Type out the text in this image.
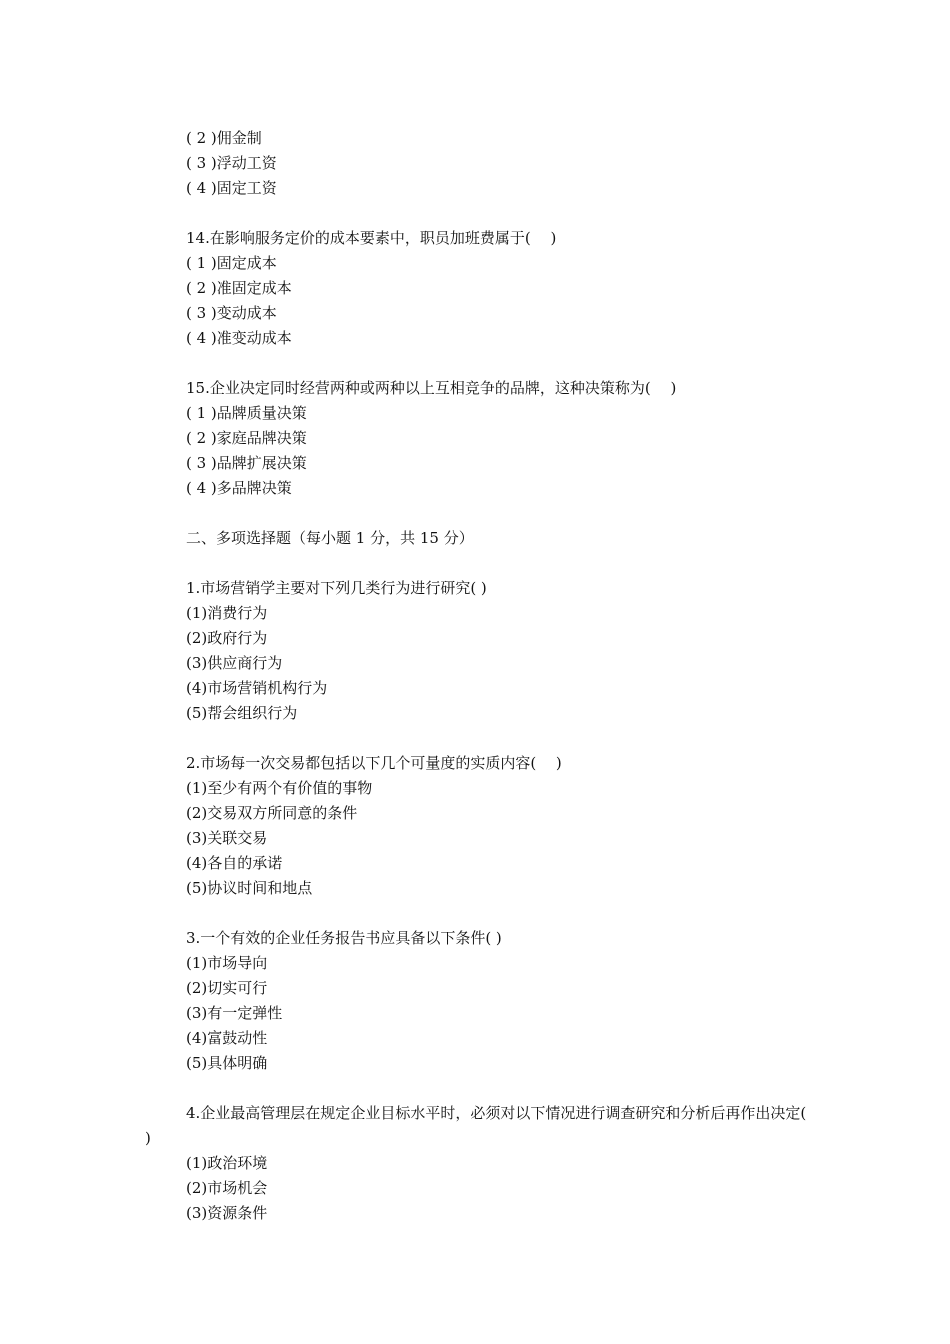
( 2 )佣金制
( 3 )浮动工资
( 4 )固定工资
14.在影响服务定价的成本要素中，职员加班费属于(　 )
( 1 )固定成本
( 2 )准固定成本
( 3 )变动成本
( 4 )准变动成本
15.企业决定同时经营两种或两种以上互相竞争的品牌，这种决策称为(　 )
( 1 )品牌质量决策
( 2 )家庭品牌决策
( 3 )品牌扩展决策
( 4 )多品牌决策
二、多项选择题（每小题 1 分，共 15 分）
1.市场营销学主要对下列几类行为进行研究( )
(1)消费行为
(2)政府行为
(3)供应商行为
(4)市场营销机构行为
(5)帮会组织行为
2.市场每一次交易都包括以下几个可量度的实质内容(　 )
(1)至少有两个有价值的事物
(2)交易双方所同意的条件
(3)关联交易
(4)各自的承诺
(5)协议时间和地点
3.一个有效的企业任务报告书应具备以下条件( )
(1)市场导向
(2)切实可行
(3)有一定弹性
(4)富鼓动性
(5)具体明确
4.企业最高管理层在规定企业目标水平时，必须对以下情况进行调查研究和分析后再作出决定(　 )
(1)政治环境
(2)市场机会
(3)资源条件
